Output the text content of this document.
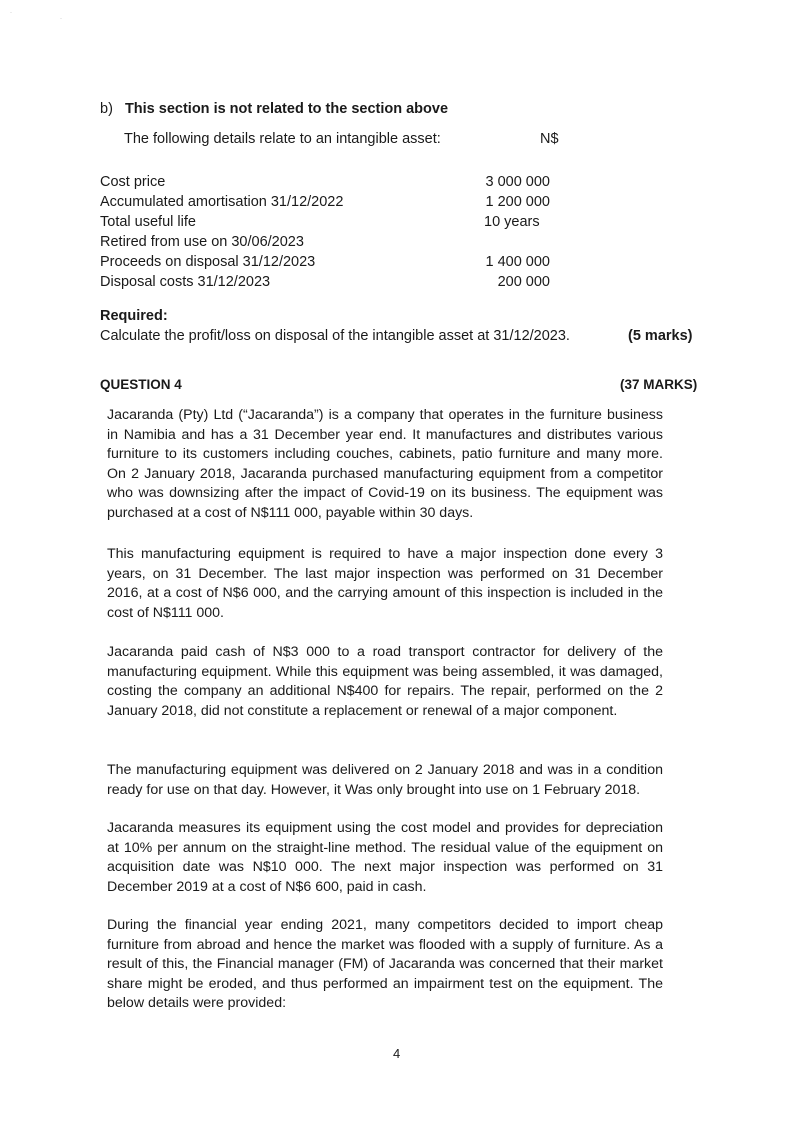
·
·
b) This section is not related to the section above
The following details relate to an intangible asset:	N$
Cost price	3 000 000
Accumulated amortisation 31/12/2022	1 200 000
Total useful life	10 years
Retired from use on 30/06/2023
Proceeds on disposal 31/12/2023	1 400 000
Disposal costs 31/12/2023	200 000
Required:
Calculate the profit/loss on disposal of the intangible asset at 31/12/2023.	(5 marks)
QUESTION 4	(37 MARKS)

Jacaranda (Pty) Ltd (“Jacaranda”) is a company that operates in the furniture business in Namibia and has a 31 December year end. It manufactures and distributes various furniture to its customers including couches, cabinets, patio furniture and many more. On 2 January 2018, Jacaranda purchased manufacturing equipment from a competitor who was downsizing after the impact of Covid-19 on its business. The equipment was purchased at a cost of N$111 000, payable within 30 days.

This manufacturing equipment is required to have a major inspection done every 3 years, on 31 December. The last major inspection was performed on 31 December 2016, at a cost of N$6 000, and the carrying amount of this inspection is included in the cost of N$111 000.

Jacaranda paid cash of N$3 000 to a road transport contractor for delivery of the manufacturing equipment. While this equipment was being assembled, it was damaged, costing the company an additional N$400 for repairs. The repair, performed on the 2 January 2018, did not constitute a replacement or renewal of a major component.

The manufacturing equipment was delivered on 2 January 2018 and was in a condition ready for use on that day. However, it Was only brought into use on 1 February 2018.

Jacaranda measures its equipment using the cost model and provides for depreciation at 10% per annum on the straight-line method. The residual value of the equipment on acquisition date was N$10 000. The next major inspection was performed on 31 December 2019 at a cost of N$6 600, paid in cash.

During the financial year ending 2021, many competitors decided to import cheap furniture from abroad and hence the market was flooded with a supply of furniture. As a result of this, the Financial manager (FM) of Jacaranda was concerned that their market share might be eroded, and thus performed an impairment test on the equipment. The below details were provided:

4
